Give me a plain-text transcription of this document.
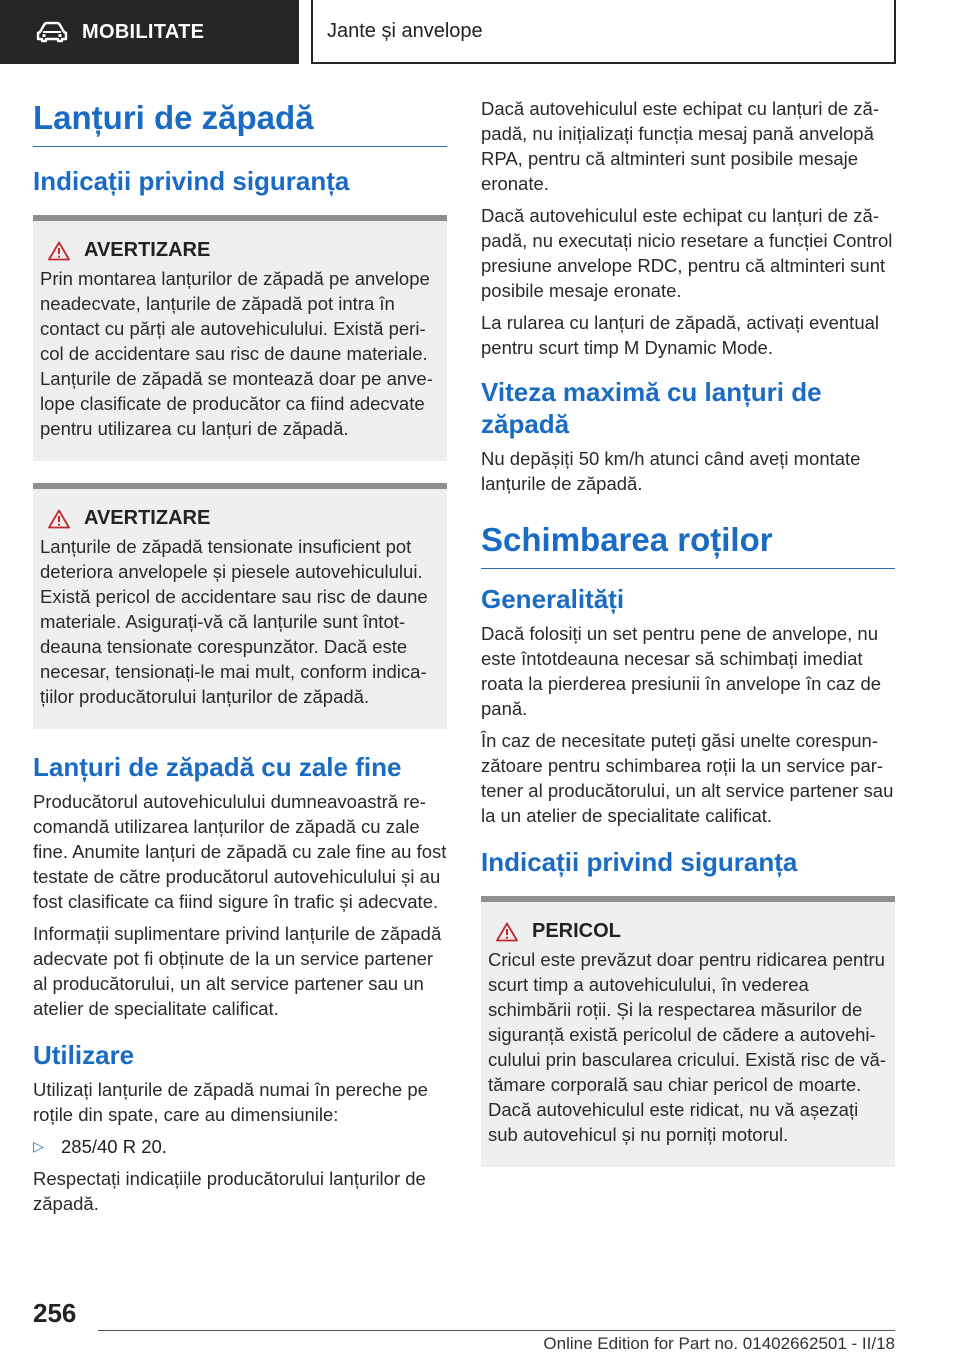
MOBILITATE	Jante și anvelope
Lanțuri de zăpadă
Indicații privind siguranța
AVERTIZARE
Prin montarea lanțurilor de zăpadă pe anvelope neadecvate, lanțurile de zăpadă pot intra în contact cu părți ale autovehiculului. Există pericol de accidentare sau risc de daune materiale. Lanțurile de zăpadă se montează doar pe anvelope clasificate de producător ca fiind adecvate pentru utilizarea cu lanțuri de zăpadă.
AVERTIZARE
Lanțurile de zăpadă tensionate insuficient pot deteriora anvelopele și piesele autovehiculului. Există pericol de accidentare sau risc de daune materiale. Asigurați-vă că lanțurile sunt întotdeauna tensionate corespunzător. Dacă este necesar, tensionați-le mai mult, conform indicațiilor producătorului lanțurilor de zăpadă.
Lanțuri de zăpadă cu zale fine
Producătorul autovehiculului dumneavoastră recomandă utilizarea lanțurilor de zăpadă cu zale fine. Anumite lanțuri de zăpadă cu zale fine au fost testate de către producătorul autovehiculului și au fost clasificate ca fiind sigure în trafic și adecvate.
Informații suplimentare privind lanțurile de zăpadă adecvate pot fi obținute de la un service partener al producătorului, un alt service partener sau un atelier de specialitate calificat.
Utilizare
Utilizați lanțurile de zăpadă numai în pereche pe roțile din spate, care au dimensiunile:
▷ 285/40 R 20.
Respectați indicațiile producătorului lanțurilor de zăpadă.
Dacă autovehiculul este echipat cu lanțuri de zăpadă, nu inițializați funcția mesaj pană anvelopă RPA, pentru că altminteri sunt posibile mesaje eronate.
Dacă autovehiculul este echipat cu lanțuri de zăpadă, nu executați nicio resetare a funcției Control presiune anvelope RDC, pentru că altminteri sunt posibile mesaje eronate.
La rularea cu lanțuri de zăpadă, activați eventual pentru scurt timp M Dynamic Mode.
Viteza maximă cu lanțuri de zăpadă
Nu depășiți 50 km/h atunci când aveți montate lanțurile de zăpadă.
Schimbarea roților
Generalități
Dacă folosiți un set pentru pene de anvelope, nu este întotdeauna necesar să schimbați imediat roata la pierderea presiunii în anvelope în caz de pană.
În caz de necesitate puteți găsi unelte corespunzătoare pentru schimbarea roții la un service partener al producătorului, un alt service partener sau la un atelier de specialitate calificat.
Indicații privind siguranța
PERICOL
Cricul este prevăzut doar pentru ridicarea pentru scurt timp a autovehiculului, în vederea schimbării roții. Și la respectarea măsurilor de siguranță există pericolul de cădere a autovehiculului prin bascularea cricului. Există risc de vătămare corporală sau chiar pericol de moarte. Dacă autovehiculul este ridicat, nu vă așezați sub autovehicul și nu porniți motorul.
256
Online Edition for Part no. 01402662501 - II/18
